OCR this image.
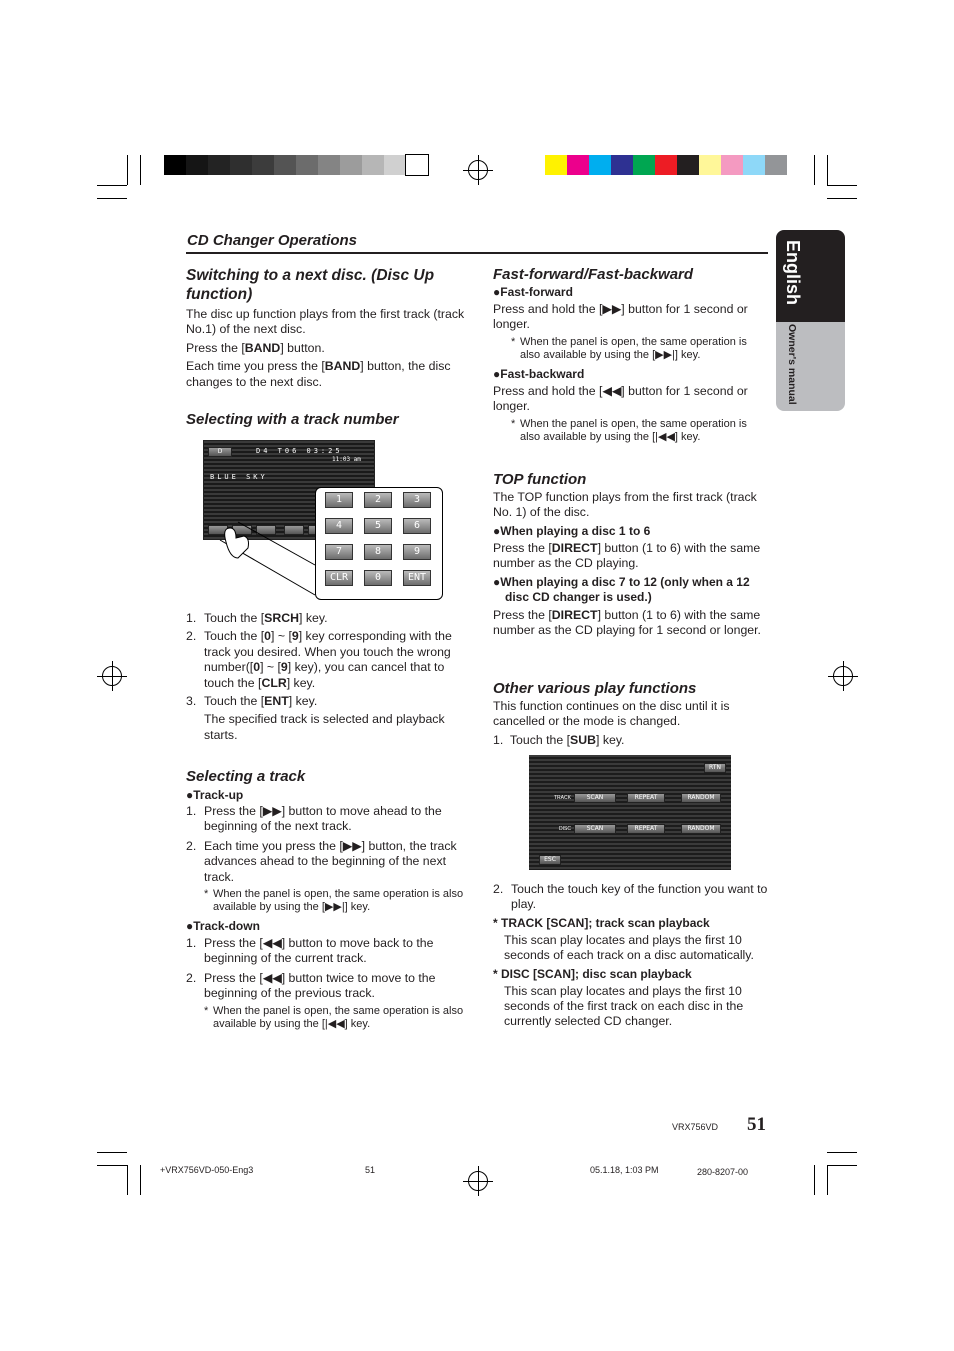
English
Owner's manual
CD Changer Operations
Switching to a next disc. (Disc Up function)
The disc up function plays from the first track (track No.1) of the next disc.
Press the [BAND] button.
Each time you press the [BAND] button, the disc changes to the next disc.
Selecting with a track number
D	D4 T06 03:25
11:03 am
BLUE SKY
1	2	3
4	5	6
7	8	9
CLR	0	ENT
1. Touch the [SRCH] key.
2. Touch the [0] ~ [9] key corresponding with the track you desired. When you touch the wrong number([0] ~ [9] key), you can cancel that to touch the [CLR] key.
3. Touch the [ENT] key.
The specified track is selected and playback starts.
Selecting a track
●Track-up
1. Press the [▶▶] button to move ahead to the beginning of the next track.
2. Each time you press the [▶▶] button, the track advances ahead to the beginning of the next track.
* When the panel is open, the same operation is also available by using the [▶▶|] key.
●Track-down
1. Press the [◀◀] button to move back to the beginning of the current track.
2. Press the [◀◀] button twice to move to the beginning of the previous track.
* When the panel is open, the same operation is also available by using the [|◀◀] key.
Fast-forward/Fast-backward
●Fast-forward
Press and hold the [▶▶] button for 1 second or longer.
* When the panel is open, the same operation is also available by using the [▶▶|] key.
●Fast-backward
Press and hold the [◀◀] button for 1 second or longer.
* When the panel is open, the same operation is also available by using the [|◀◀] key.
TOP function
The TOP function plays from the first track (track No. 1) of the disc.
●When playing a disc 1 to 6
Press the [DIRECT] button (1 to 6) with the same number as the CD playing.
●When playing a disc 7 to 12 (only when a 12 disc CD changer is used.)
Press the [DIRECT] button (1 to 6) with the same number as the CD playing for 1 second or longer.
Other various play functions
This function continues on the disc until it is cancelled or the mode is changed.
1.  Touch the [SUB] key.
RTN
TRACK	SCAN	REPEAT	RANDOM
DISC	SCAN	REPEAT	RANDOM
ESC
2. Touch the touch key of the function you want to play.
* TRACK [SCAN]; track scan playback
This scan play locates and plays the first 10 seconds of each track on a disc automatically.
* DISC [SCAN]; disc scan playback
This scan play locates and plays the first 10 seconds of the first track on each disc in the currently selected CD changer.
VRX756VD 51
+VRX756VD-050-Eng3	51	05.1.18, 1:03 PM	280-8207-00
